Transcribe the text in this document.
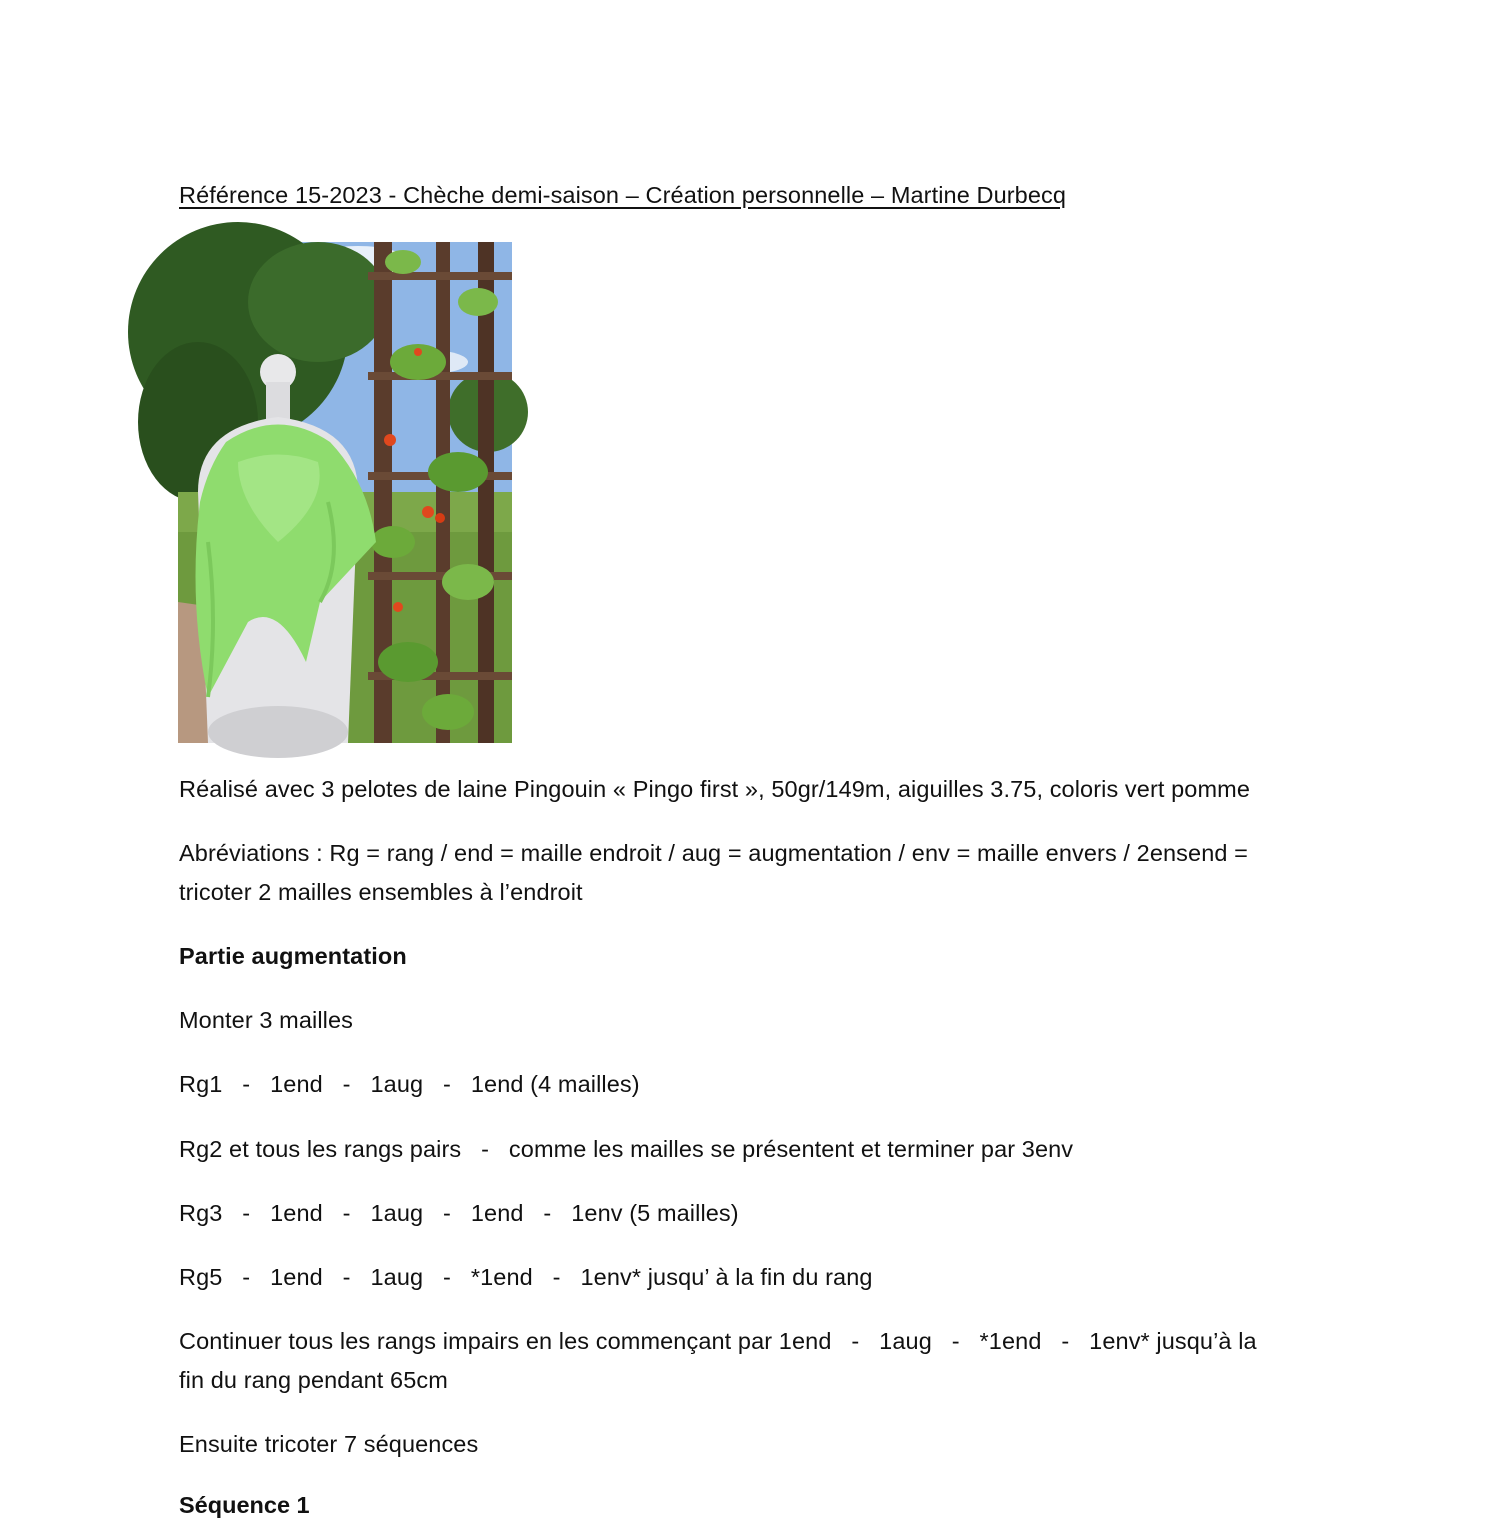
Référence 15-2023 - Chèche demi-saison – Création personnelle – Martine Durbecq
Réalisé avec 3 pelotes de laine Pingouin « Pingo first », 50gr/149m, aiguilles 3.75, coloris vert pomme
Abréviations : Rg = rang / end = maille endroit / aug = augmentation / env = maille envers / 2ensend =
tricoter 2 mailles ensembles à l’endroit
Partie augmentation
Monter 3 mailles
Rg1   -   1end   -   1aug   -   1end (4 mailles)
Rg2 et tous les rangs pairs   -   comme les mailles se présentent et terminer par 3env
Rg3   -   1end   -   1aug   -   1end   -   1env (5 mailles)
Rg5   -   1end   -   1aug   -   *1end   -   1env* jusqu’ à la fin du rang
Continuer tous les rangs impairs en les commençant par 1end   -   1aug   -   *1end   -   1env* jusqu’à la
fin du rang pendant 65cm
Ensuite tricoter 7 séquences
Séquence 1
